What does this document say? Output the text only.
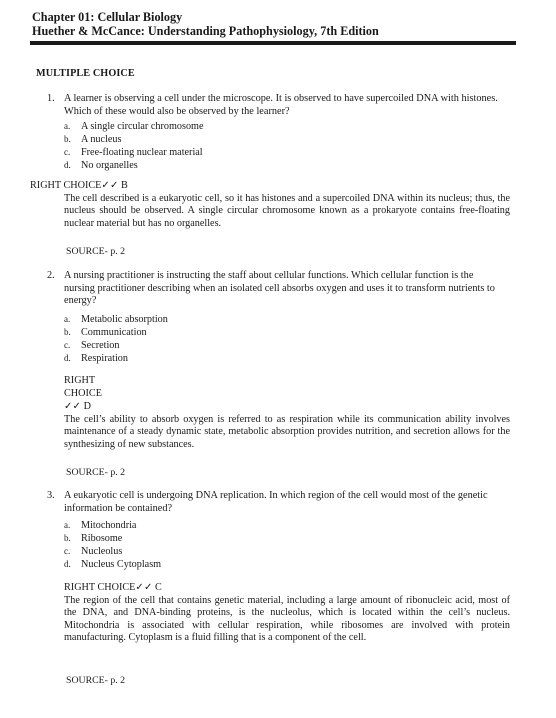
Chapter 01: Cellular Biology
Huether & McCance: Understanding Pathophysiology, 7th Edition
MULTIPLE CHOICE
1. A learner is observing a cell under the microscope. It is observed to have supercoiled DNA with histones. Which of these would also be observed by the learner?
a. A single circular chromosome
b. A nucleus
c. Free-floating nuclear material
d. No organelles
RIGHT CHOICE✓✓ B
The cell described is a eukaryotic cell, so it has histones and a supercoiled DNA within its nucleus; thus, the nucleus should be observed. A single circular chromosome known as a prokaryote contains free-floating nuclear material but has no organelles.
SOURCE- p. 2
2. A nursing practitioner is instructing the staff about cellular functions. Which cellular function is the nursing practitioner describing when an isolated cell absorbs oxygen and uses it to transform nutrients to energy?
a. Metabolic absorption
b. Communication
c. Secretion
d. Respiration
RIGHT
CHOICE
✓✓ D
The cell’s ability to absorb oxygen is referred to as respiration while its communication ability involves maintenance of a steady dynamic state, metabolic absorption provides nutrition, and secretion allows for the synthesizing of new substances.
SOURCE- p. 2
3. A eukaryotic cell is undergoing DNA replication. In which region of the cell would most of the genetic information be contained?
a. Mitochondria
b. Ribosome
c. Nucleolus
d. Nucleus Cytoplasm
RIGHT CHOICE✓✓ C
The region of the cell that contains genetic material, including a large amount of ribonucleic acid, most of the DNA, and DNA-binding proteins, is the nucleolus, which is located within the cell’s nucleus. Mitochondria is associated with cellular respiration, while ribosomes are involved with protein manufacturing. Cytoplasm is a fluid filling that is a component of the cell.
SOURCE- p. 2
